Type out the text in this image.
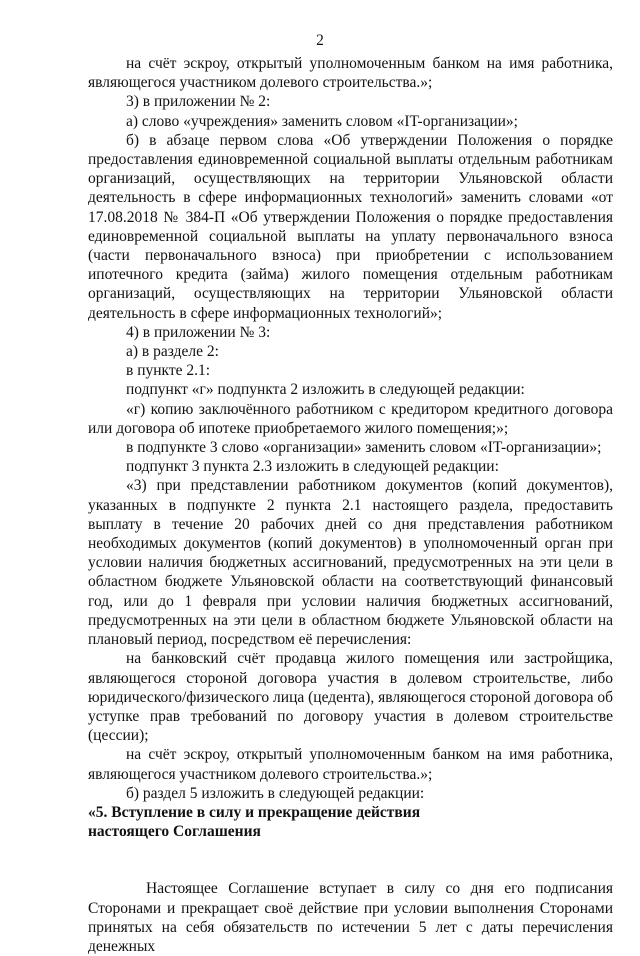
2

на счёт эскроу, открытый уполномоченным банком на имя работника, являющегося участником долевого строительства.»;

3) в приложении № 2:

а) слово «учреждения» заменить словом «IT-организации»;

б) в абзаце первом слова «Об утверждении Положения о порядке предоставления единовременной социальной выплаты отдельным работникам организаций, осуществляющих на территории Ульяновской области деятельность в сфере информационных технологий» заменить словами «от 17.08.2018 № 384-П «Об утверждении Положения о порядке предоставления единовременной социальной выплаты на уплату первоначального взноса (части первоначального взноса) при приобретении с использованием ипотечного кредита (займа) жилого помещения отдельным работникам организаций, осуществляющих на территории Ульяновской области деятельность в сфере информационных технологий»;

4) в приложении № 3:

а) в разделе 2:

в пункте 2.1:

подпункт «г» подпункта 2 изложить в следующей редакции:

«г) копию заключённого работником с кредитором кредитного договора или договора об ипотеке приобретаемого жилого помещения;»;

в подпункте 3 слово «организации» заменить словом «IT-организации»;

подпункт 3 пункта 2.3 изложить в следующей редакции:

«3) при представлении работником документов (копий документов), указанных в подпункте 2 пункта 2.1 настоящего раздела, предоставить выплату в течение 20 рабочих дней со дня представления работником необходимых документов (копий документов) в уполномоченный орган при условии наличия бюджетных ассигнований, предусмотренных на эти цели в областном бюджете Ульяновской области на соответствующий финансовый год, или до 1 февраля при условии наличия бюджетных ассигнований, предусмотренных на эти цели в областном бюджете Ульяновской области на плановый период, посредством её перечисления:

на банковский счёт продавца жилого помещения или застройщика, являющегося стороной договора участия в долевом строительстве, либо юридического/физического лица (цедента), являющегося стороной договора об уступке прав требований по договору участия в долевом строительстве (цессии);

на счёт эскроу, открытый уполномоченным банком на имя работника, являющегося участником долевого строительства.»;

б) раздел 5 изложить в следующей редакции:

«5. Вступление в силу и прекращение действия

настоящего Соглашения

Настоящее Соглашение вступает в силу со дня его подписания Сторонами и прекращает своё действие при условии выполнения Сторонами принятых на себя обязательств по истечении 5 лет с даты перечисления денежных
